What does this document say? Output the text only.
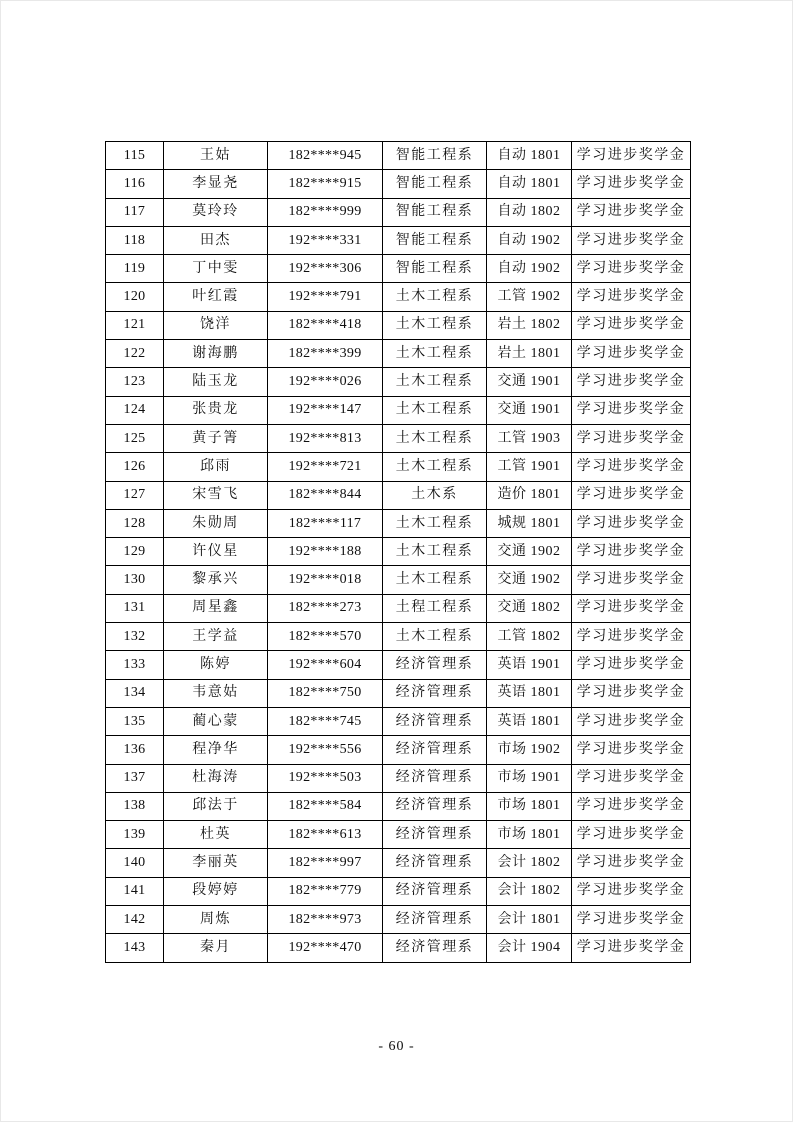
115	王姑	182****945	智能工程系	自动 1801	学习进步奖学金
116	李显尧	182****915	智能工程系	自动 1801	学习进步奖学金
117	莫玲玲	182****999	智能工程系	自动 1802	学习进步奖学金
118	田杰	192****331	智能工程系	自动 1902	学习进步奖学金
119	丁中雯	192****306	智能工程系	自动 1902	学习进步奖学金
120	叶红霞	192****791	土木工程系	工管 1902	学习进步奖学金
121	饶洋	182****418	土木工程系	岩土 1802	学习进步奖学金
122	谢海鹏	182****399	土木工程系	岩土 1801	学习进步奖学金
123	陆玉龙	192****026	土木工程系	交通 1901	学习进步奖学金
124	张贵龙	192****147	土木工程系	交通 1901	学习进步奖学金
125	黄子箐	192****813	土木工程系	工管 1903	学习进步奖学金
126	邱雨	192****721	土木工程系	工管 1901	学习进步奖学金
127	宋雪飞	182****844	土木系	造价 1801	学习进步奖学金
128	朱勋周	182****117	土木工程系	城规 1801	学习进步奖学金
129	许仪星	192****188	土木工程系	交通 1902	学习进步奖学金
130	黎承兴	192****018	土木工程系	交通 1902	学习进步奖学金
131	周星鑫	182****273	土程工程系	交通 1802	学习进步奖学金
132	王学益	182****570	土木工程系	工管 1802	学习进步奖学金
133	陈婷	192****604	经济管理系	英语 1901	学习进步奖学金
134	韦意姑	182****750	经济管理系	英语 1801	学习进步奖学金
135	蔺心蒙	182****745	经济管理系	英语 1801	学习进步奖学金
136	程净华	192****556	经济管理系	市场 1902	学习进步奖学金
137	杜海涛	192****503	经济管理系	市场 1901	学习进步奖学金
138	邱法于	182****584	经济管理系	市场 1801	学习进步奖学金
139	杜英	182****613	经济管理系	市场 1801	学习进步奖学金
140	李丽英	182****997	经济管理系	会计 1802	学习进步奖学金
141	段婷婷	182****779	经济管理系	会计 1802	学习进步奖学金
142	周炼	182****973	经济管理系	会计 1801	学习进步奖学金
143	秦月	192****470	经济管理系	会计 1904	学习进步奖学金
- 60 -
